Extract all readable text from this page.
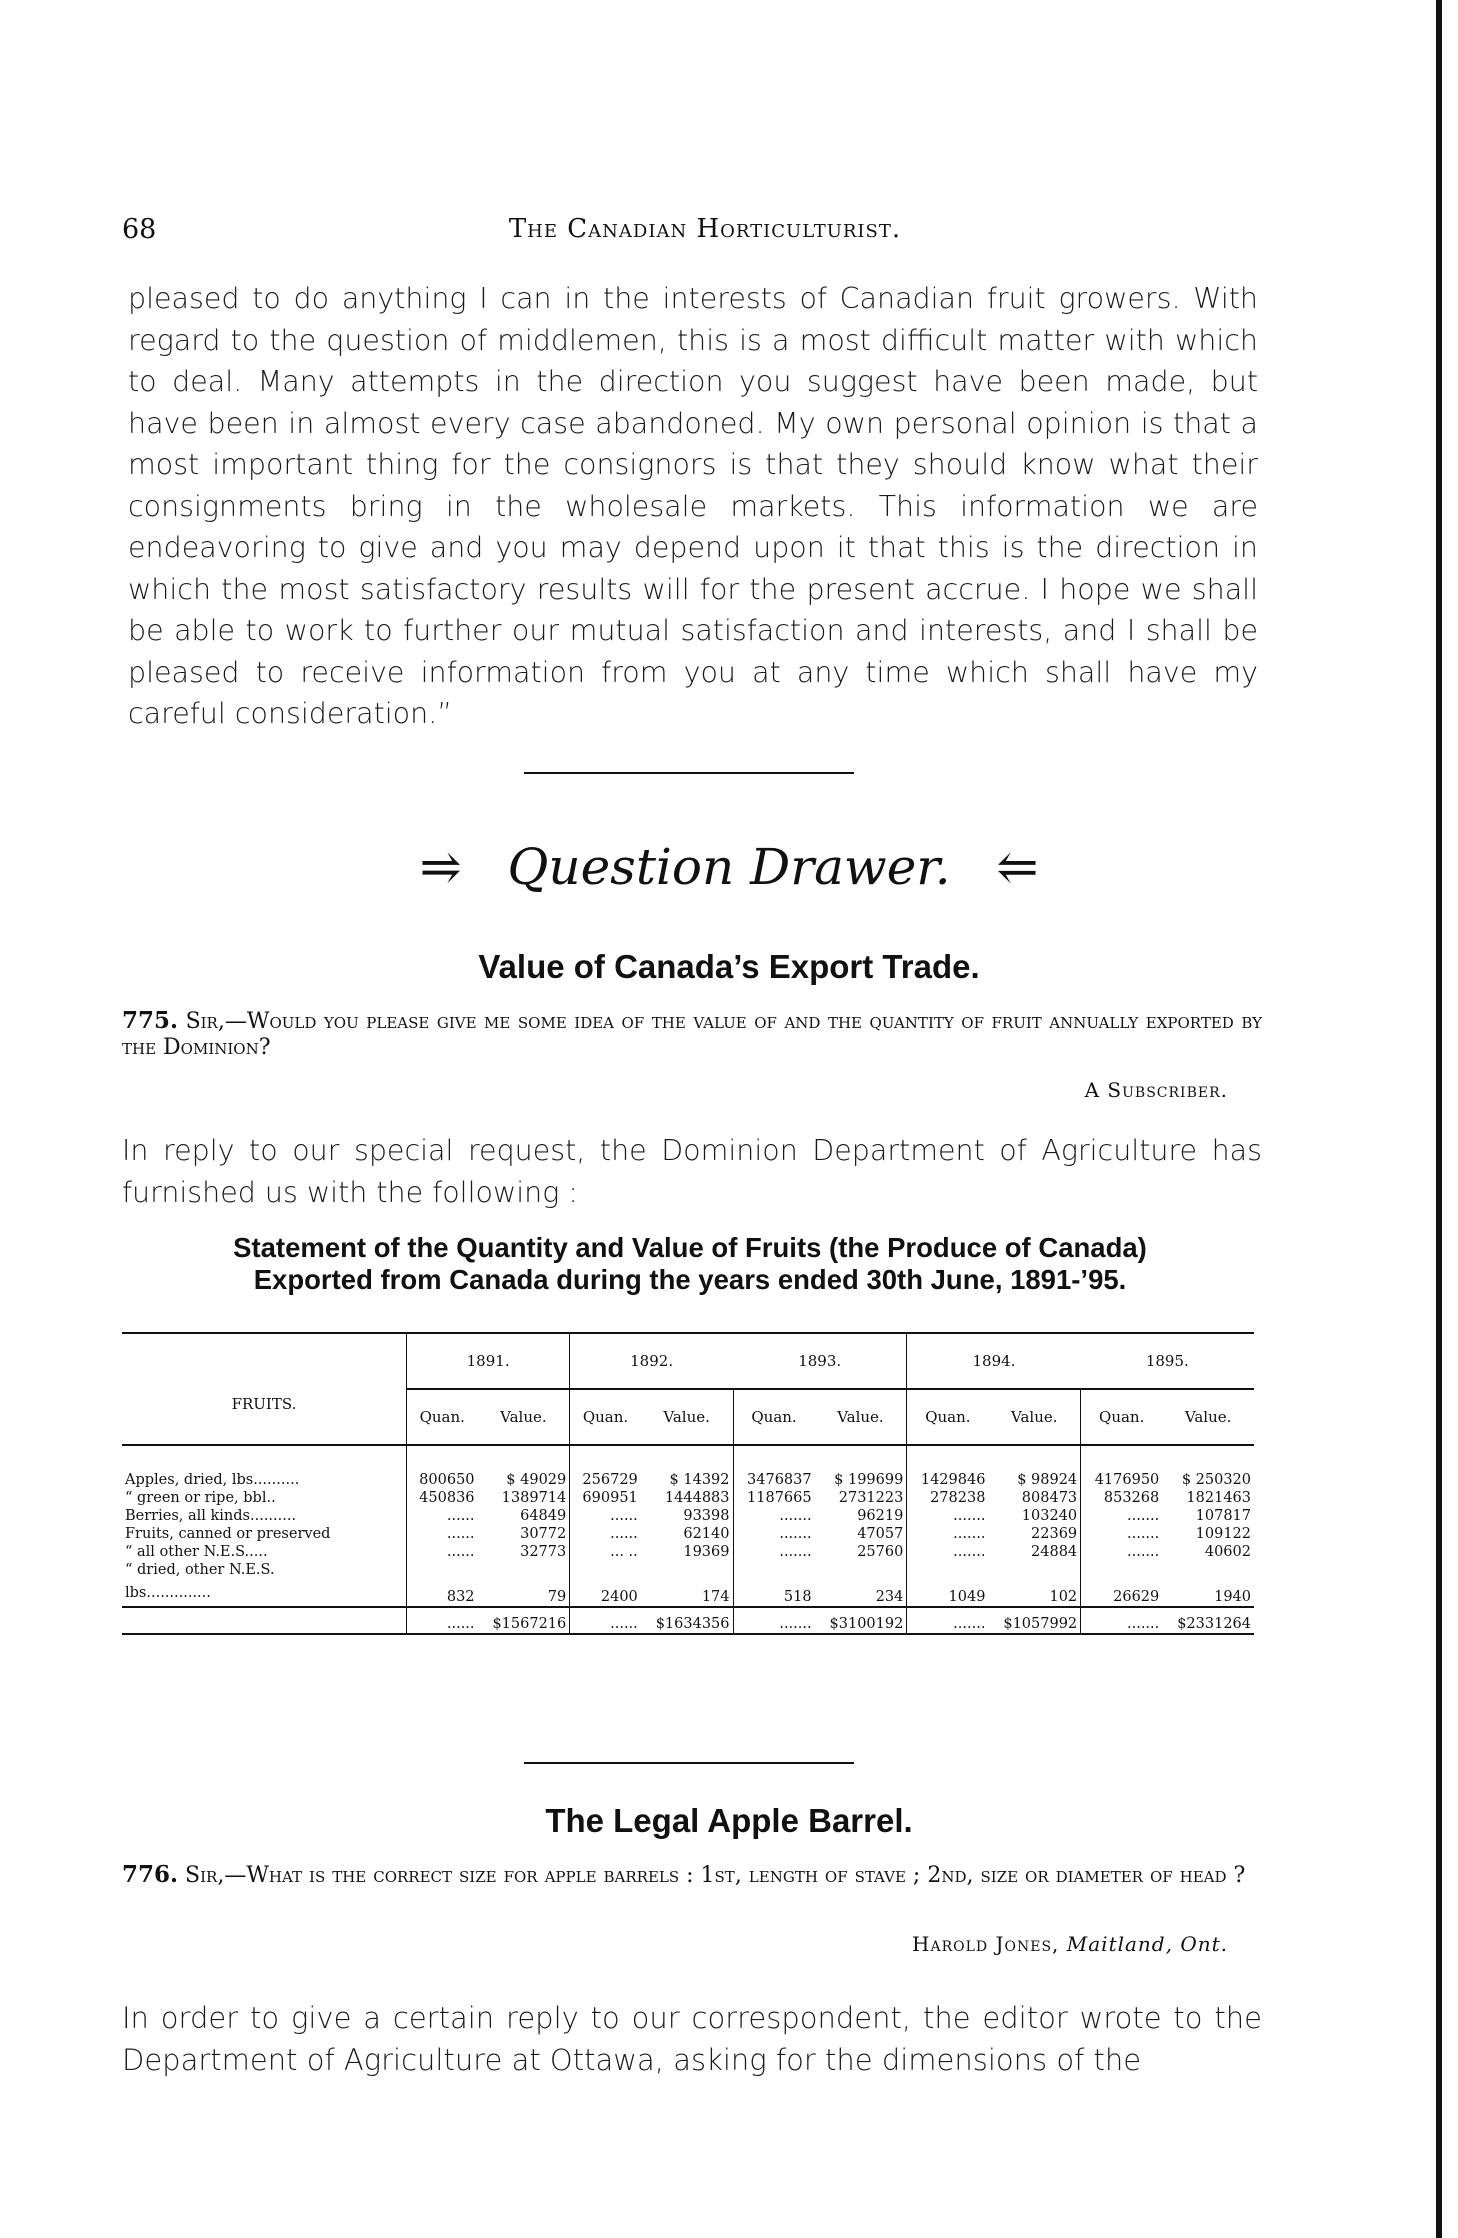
68	The Canadian Horticulturist.
pleased to do anything I can in the interests of Canadian fruit growers. With regard to the question of middlemen, this is a most difficult matter with which to deal. Many attempts in the direction you suggest have been made, but have been in almost every case abandoned. My own personal opinion is that a most important thing for the consignors is that they should know what their consignments bring in the wholesale markets. This information we are endeavoring to give and you may depend upon it that this is the direction in which the most satisfactory results will for the present accrue. I hope we shall be able to work to further our mutual satisfaction and interests, and I shall be pleased to receive information from you at any time which shall have my careful consideration.”
⥤ Question Drawer. ⥢
Value of Canada’s Export Trade.
775. Sir,—Would you please give me some idea of the value of and the quantity of fruit annually exported by the Dominion?
A Subscriber.
In reply to our special request, the Dominion Department of Agriculture has furnished us with the following :
Statement of the Quantity and Value of Fruits (the Produce of Canada)
Exported from Canada during the years ended 30th June, 1891-’95.
FRUITS.	1891.		1892.		1893.		1894.		1895.	
	Quan.	Value.	Quan.	Value.	Quan.	Value.	Quan.	Value.	Quan.	Value.
Apples, dried, lbs..........	800650	$ 49029	256729	$ 14392	3476837	$ 199699	1429846	$ 98924	4176950	$ 250320
“ green or ripe, bbl..	450836	1389714	690951	1444883	1187665	2731223	278238	808473	853268	1821463
Berries, all kinds..........	......	64849	......	93398	.......	96219	.......	103240	.......	107817
Fruits, canned or preserved	......	30772	......	62140	.......	47057	.......	22369	.......	109122
“ all other N.E.S.....	......	32773	... ..	19369	.......	25760	.......	24884	.......	40602
“ dried, other N.E.S.										
lbs..............	832	79	2400	174	518	234	1049	102	26629	1940
	......	$1567216	......	$1634356	.......	$3100192	.......	$1057992	.......	$2331264
The Legal Apple Barrel.
776. Sir,—What is the correct size for apple barrels : 1st, length of stave ; 2nd, size or diameter of head ?
Harold Jones, Maitland, Ont.
In order to give a certain reply to our correspondent, the editor wrote to the Department of Agriculture at Ottawa, asking for the dimensions of the
